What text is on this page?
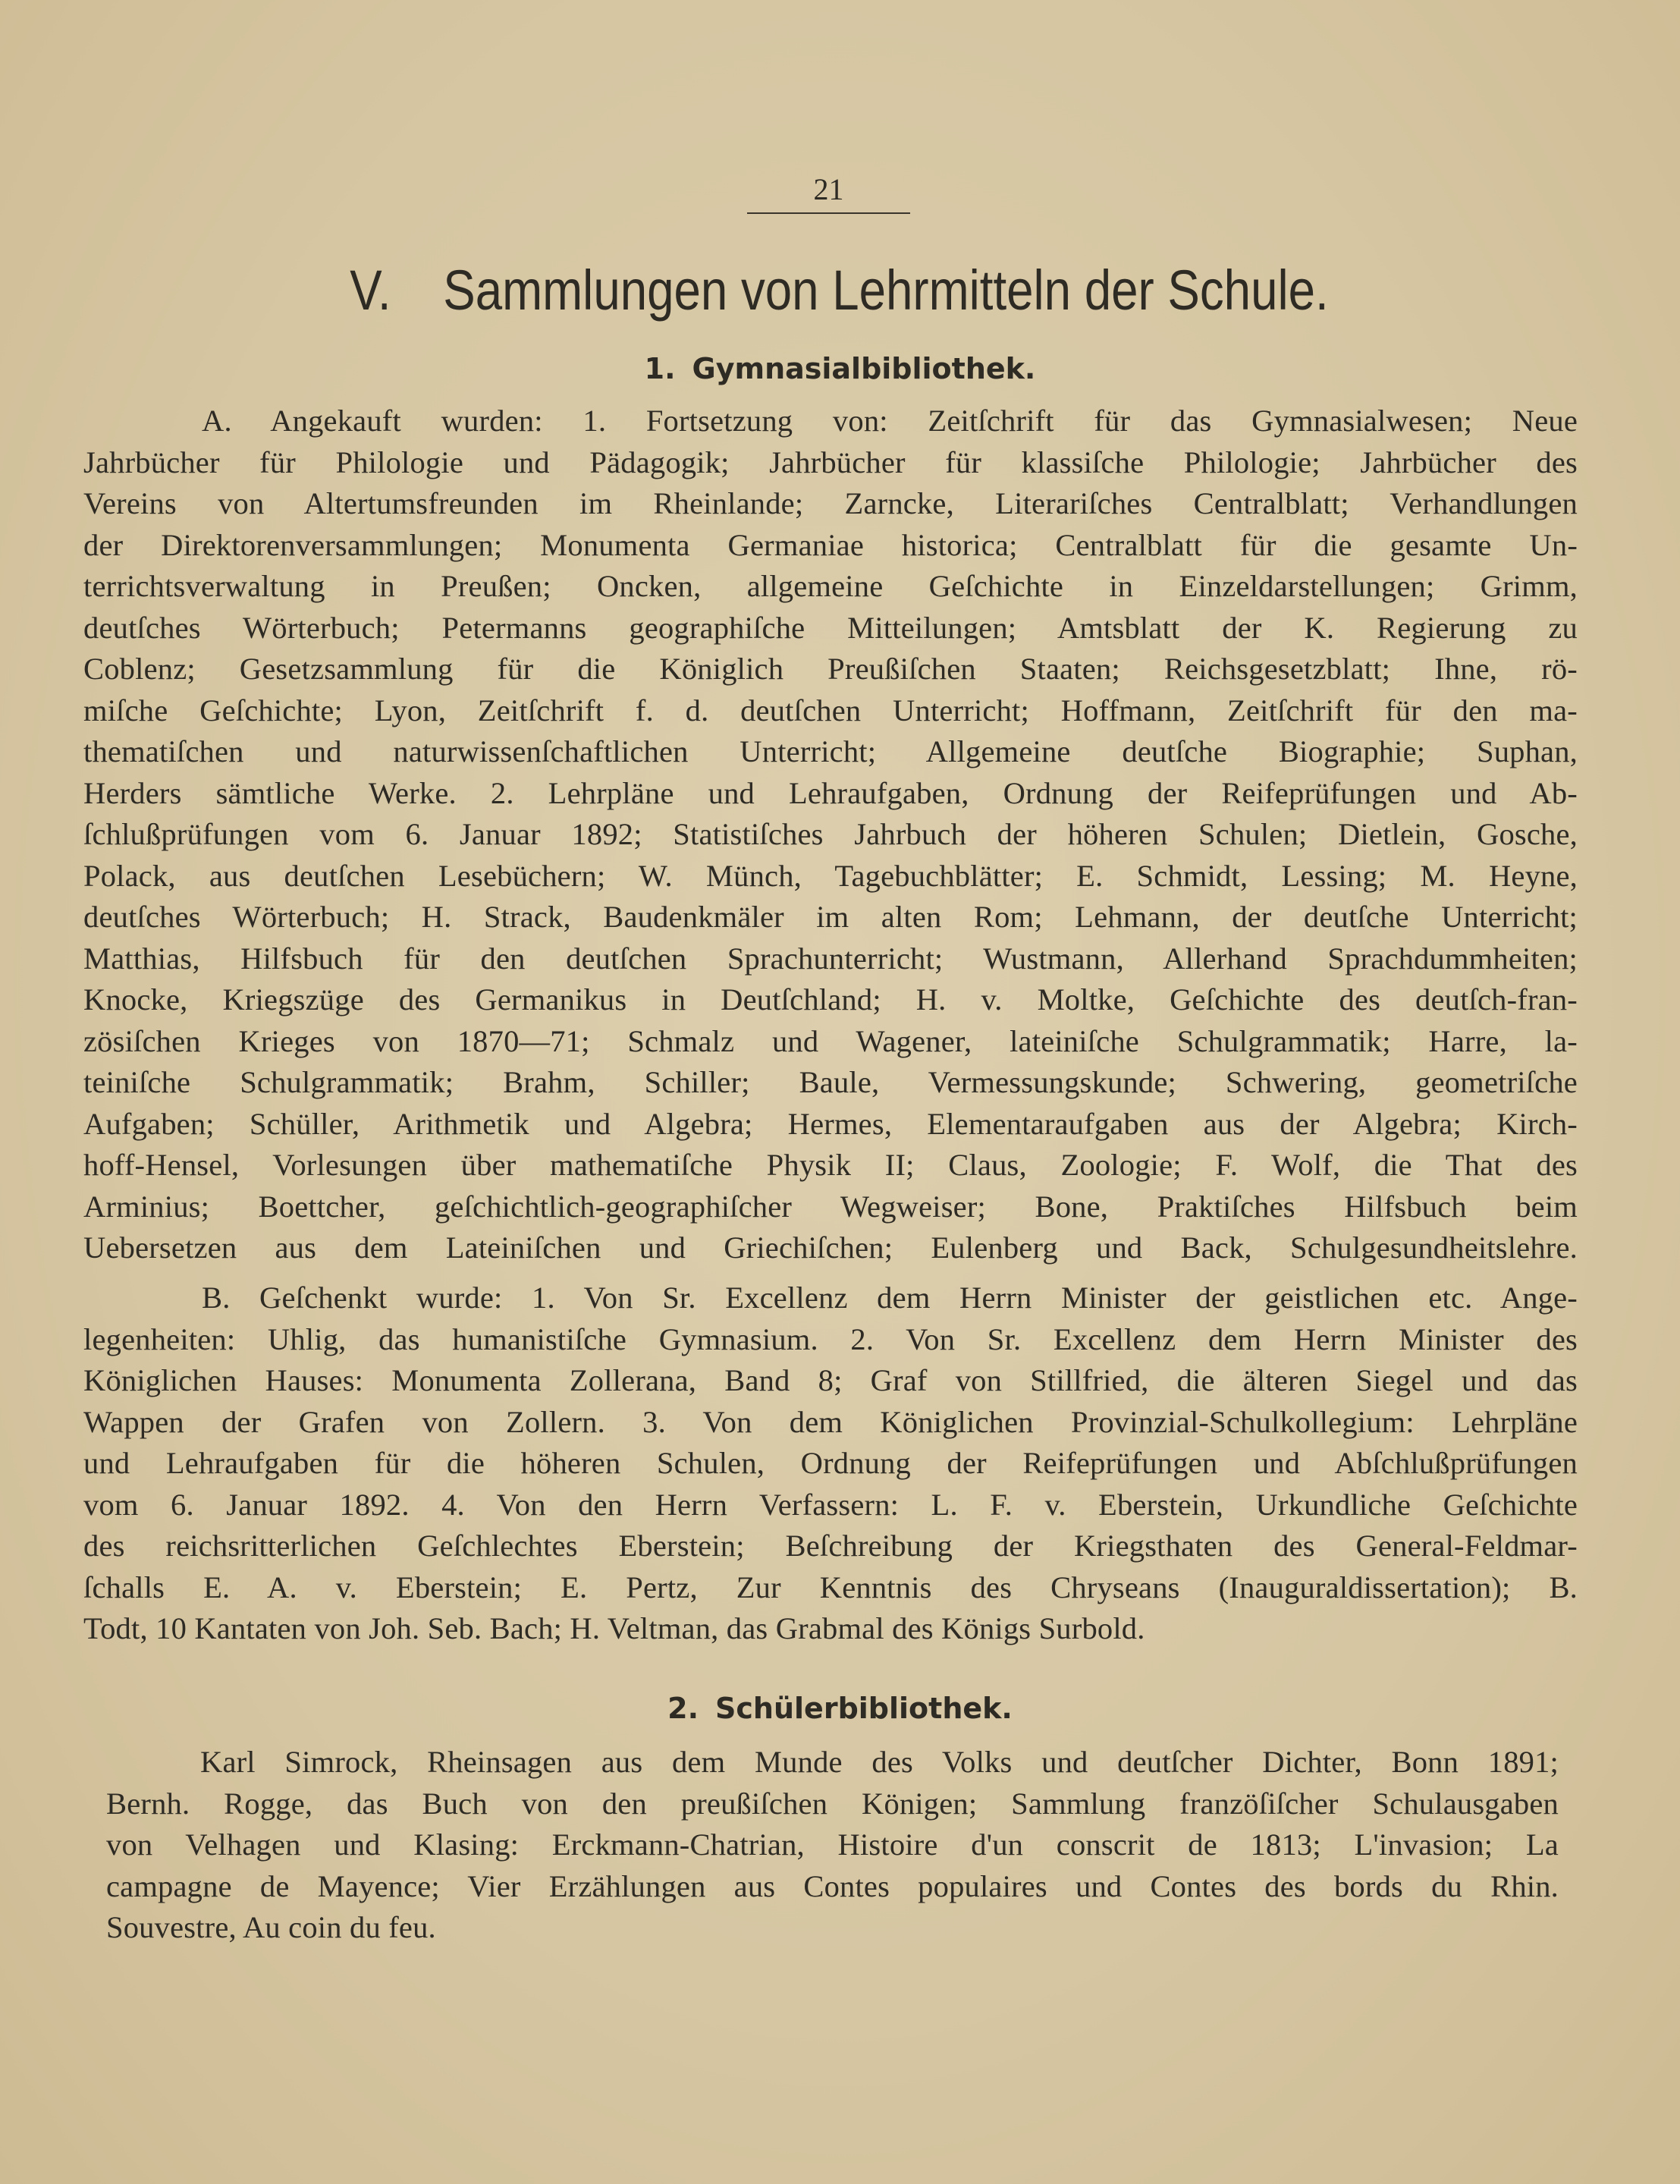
21
V. Sammlungen von Lehrmitteln der Schule.
1. Gymnasialbibliothek.
A. Angekauft wurden: 1. Fortsetzung von: Zeitſchrift für das Gymnasialwesen; Neue
Jahrbücher für Philologie und Pädagogik; Jahrbücher für klassiſche Philologie; Jahrbücher des
Vereins von Altertumsfreunden im Rheinlande; Zarncke, Literariſches Centralblatt; Verhandlungen
der Direktorenversammlungen; Monumenta Germaniae historica; Centralblatt für die gesamte Un-
terrichtsverwaltung in Preußen; Oncken, allgemeine Geſchichte in Einzeldarstellungen; Grimm,
deutſches Wörterbuch; Petermanns geographiſche Mitteilungen; Amtsblatt der K. Regierung zu
Coblenz; Gesetzsammlung für die Königlich Preußiſchen Staaten; Reichsgesetzblatt; Ihne, rö-
miſche Geſchichte; Lyon, Zeitſchrift f. d. deutſchen Unterricht; Hoffmann, Zeitſchrift für den ma-
thematiſchen und naturwissenſchaftlichen Unterricht; Allgemeine deutſche Biographie; Suphan,
Herders sämtliche Werke. 2. Lehrpläne und Lehraufgaben, Ordnung der Reifeprüfungen und Ab-
ſchlußprüfungen vom 6. Januar 1892; Statistiſches Jahrbuch der höheren Schulen; Dietlein, Gosche,
Polack, aus deutſchen Lesebüchern; W. Münch, Tagebuchblätter; E. Schmidt, Lessing; M. Heyne,
deutſches Wörterbuch; H. Strack, Baudenkmäler im alten Rom; Lehmann, der deutſche Unterricht;
Matthias, Hilfsbuch für den deutſchen Sprachunterricht; Wustmann, Allerhand Sprachdummheiten;
Knocke, Kriegszüge des Germanikus in Deutſchland; H. v. Moltke, Geſchichte des deutſch-fran-
zösiſchen Krieges von 1870—71; Schmalz und Wagener, lateiniſche Schulgrammatik; Harre, la-
teiniſche Schulgrammatik; Brahm, Schiller; Baule, Vermessungskunde; Schwering, geometriſche
Aufgaben; Schüller, Arithmetik und Algebra; Hermes, Elementaraufgaben aus der Algebra; Kirch-
hoff-Hensel, Vorlesungen über mathematiſche Physik II; Claus, Zoologie; F. Wolf, die That des
Arminius; Boettcher, geſchichtlich-geographiſcher Wegweiser; Bone, Praktiſches Hilfsbuch beim
Uebersetzen aus dem Lateiniſchen und Griechiſchen; Eulenberg und Back, Schulgesundheitslehre.
B. Geſchenkt wurde: 1. Von Sr. Excellenz dem Herrn Minister der geistlichen etc. Ange-
legenheiten: Uhlig, das humanistiſche Gymnasium. 2. Von Sr. Excellenz dem Herrn Minister des
Königlichen Hauses: Monumenta Zollerana, Band 8; Graf von Stillfried, die älteren Siegel und das
Wappen der Grafen von Zollern. 3. Von dem Königlichen Provinzial-Schulkollegium: Lehrpläne
und Lehraufgaben für die höheren Schulen, Ordnung der Reifeprüfungen und Abſchlußprüfungen
vom 6. Januar 1892. 4. Von den Herrn Verfassern: L. F. v. Eberstein, Urkundliche Geſchichte
des reichsritterlichen Geſchlechtes Eberstein; Beſchreibung der Kriegsthaten des General-Feldmar-
ſchalls E. A. v. Eberstein; E. Pertz, Zur Kenntnis des Chryseans (Inauguraldissertation); B.
Todt, 10 Kantaten von Joh. Seb. Bach; H. Veltman, das Grabmal des Königs Surbold.
2. Schülerbibliothek.
Karl Simrock, Rheinsagen aus dem Munde des Volks und deutſcher Dichter, Bonn 1891;
Bernh. Rogge, das Buch von den preußiſchen Königen; Sammlung franzöſiſcher Schulausgaben
von Velhagen und Klasing: Erckmann-Chatrian, Histoire d'un conscrit de 1813; L'invasion; La
campagne de Mayence; Vier Erzählungen aus Contes populaires und Contes des bords du Rhin.
Souvestre, Au coin du feu.
